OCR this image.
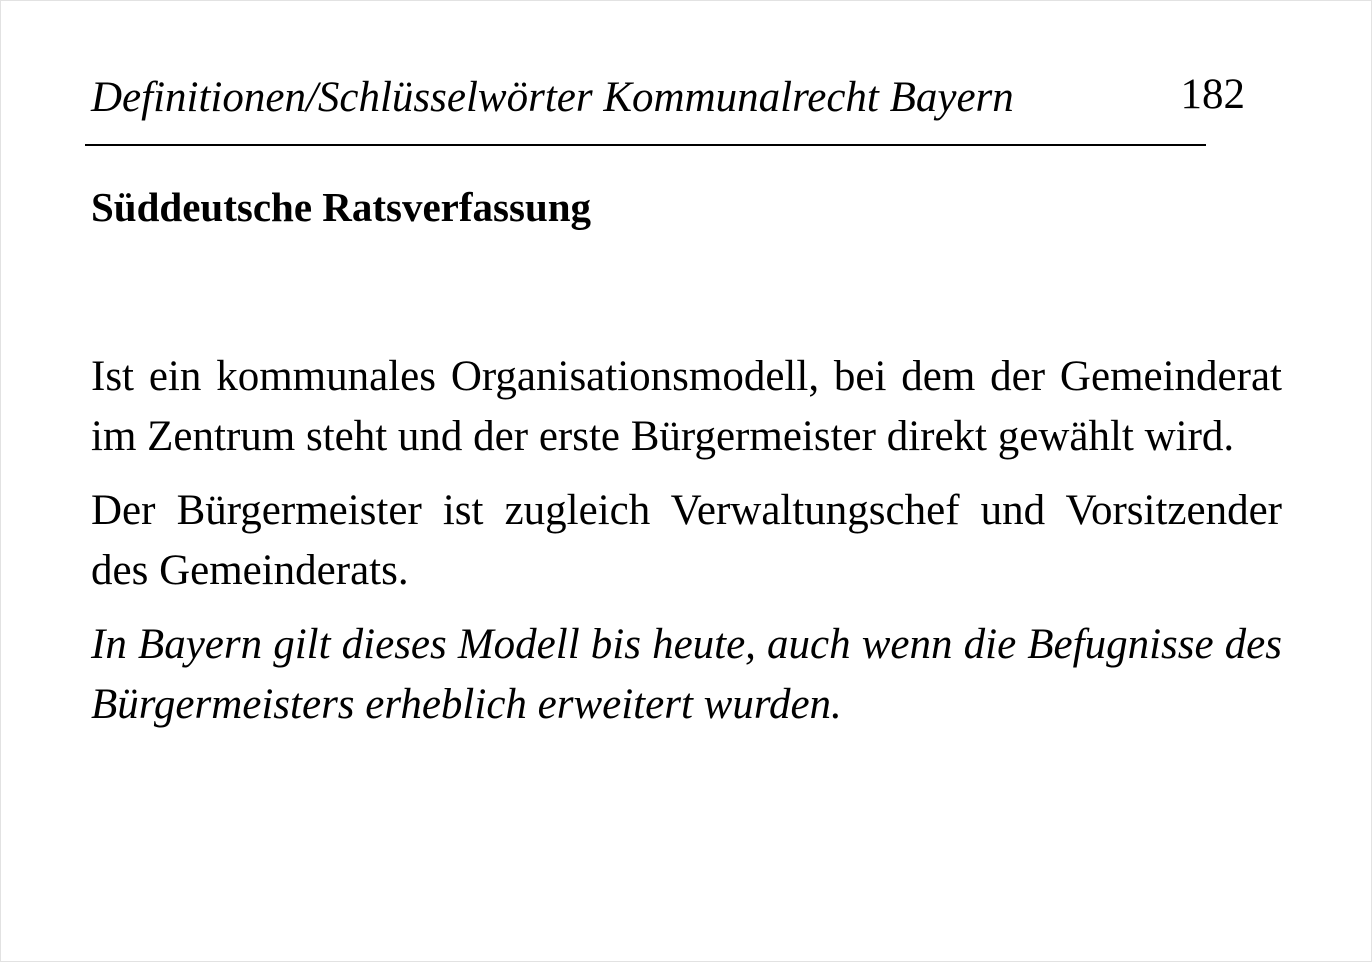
Definitionen/Schlüsselwörter Kommunalrecht Bayern	182
Süddeutsche Ratsverfassung

Ist ein kommunales Organisationsmodell, bei dem der Gemeinderat im Zentrum steht und der erste Bürgermeister direkt gewählt wird.

Der Bürgermeister ist zugleich Verwaltungschef und Vorsitzender des Gemeinderats.

In Bayern gilt dieses Modell bis heute, auch wenn die Befugnisse des Bürgermeisters erheblich erweitert wurden.
